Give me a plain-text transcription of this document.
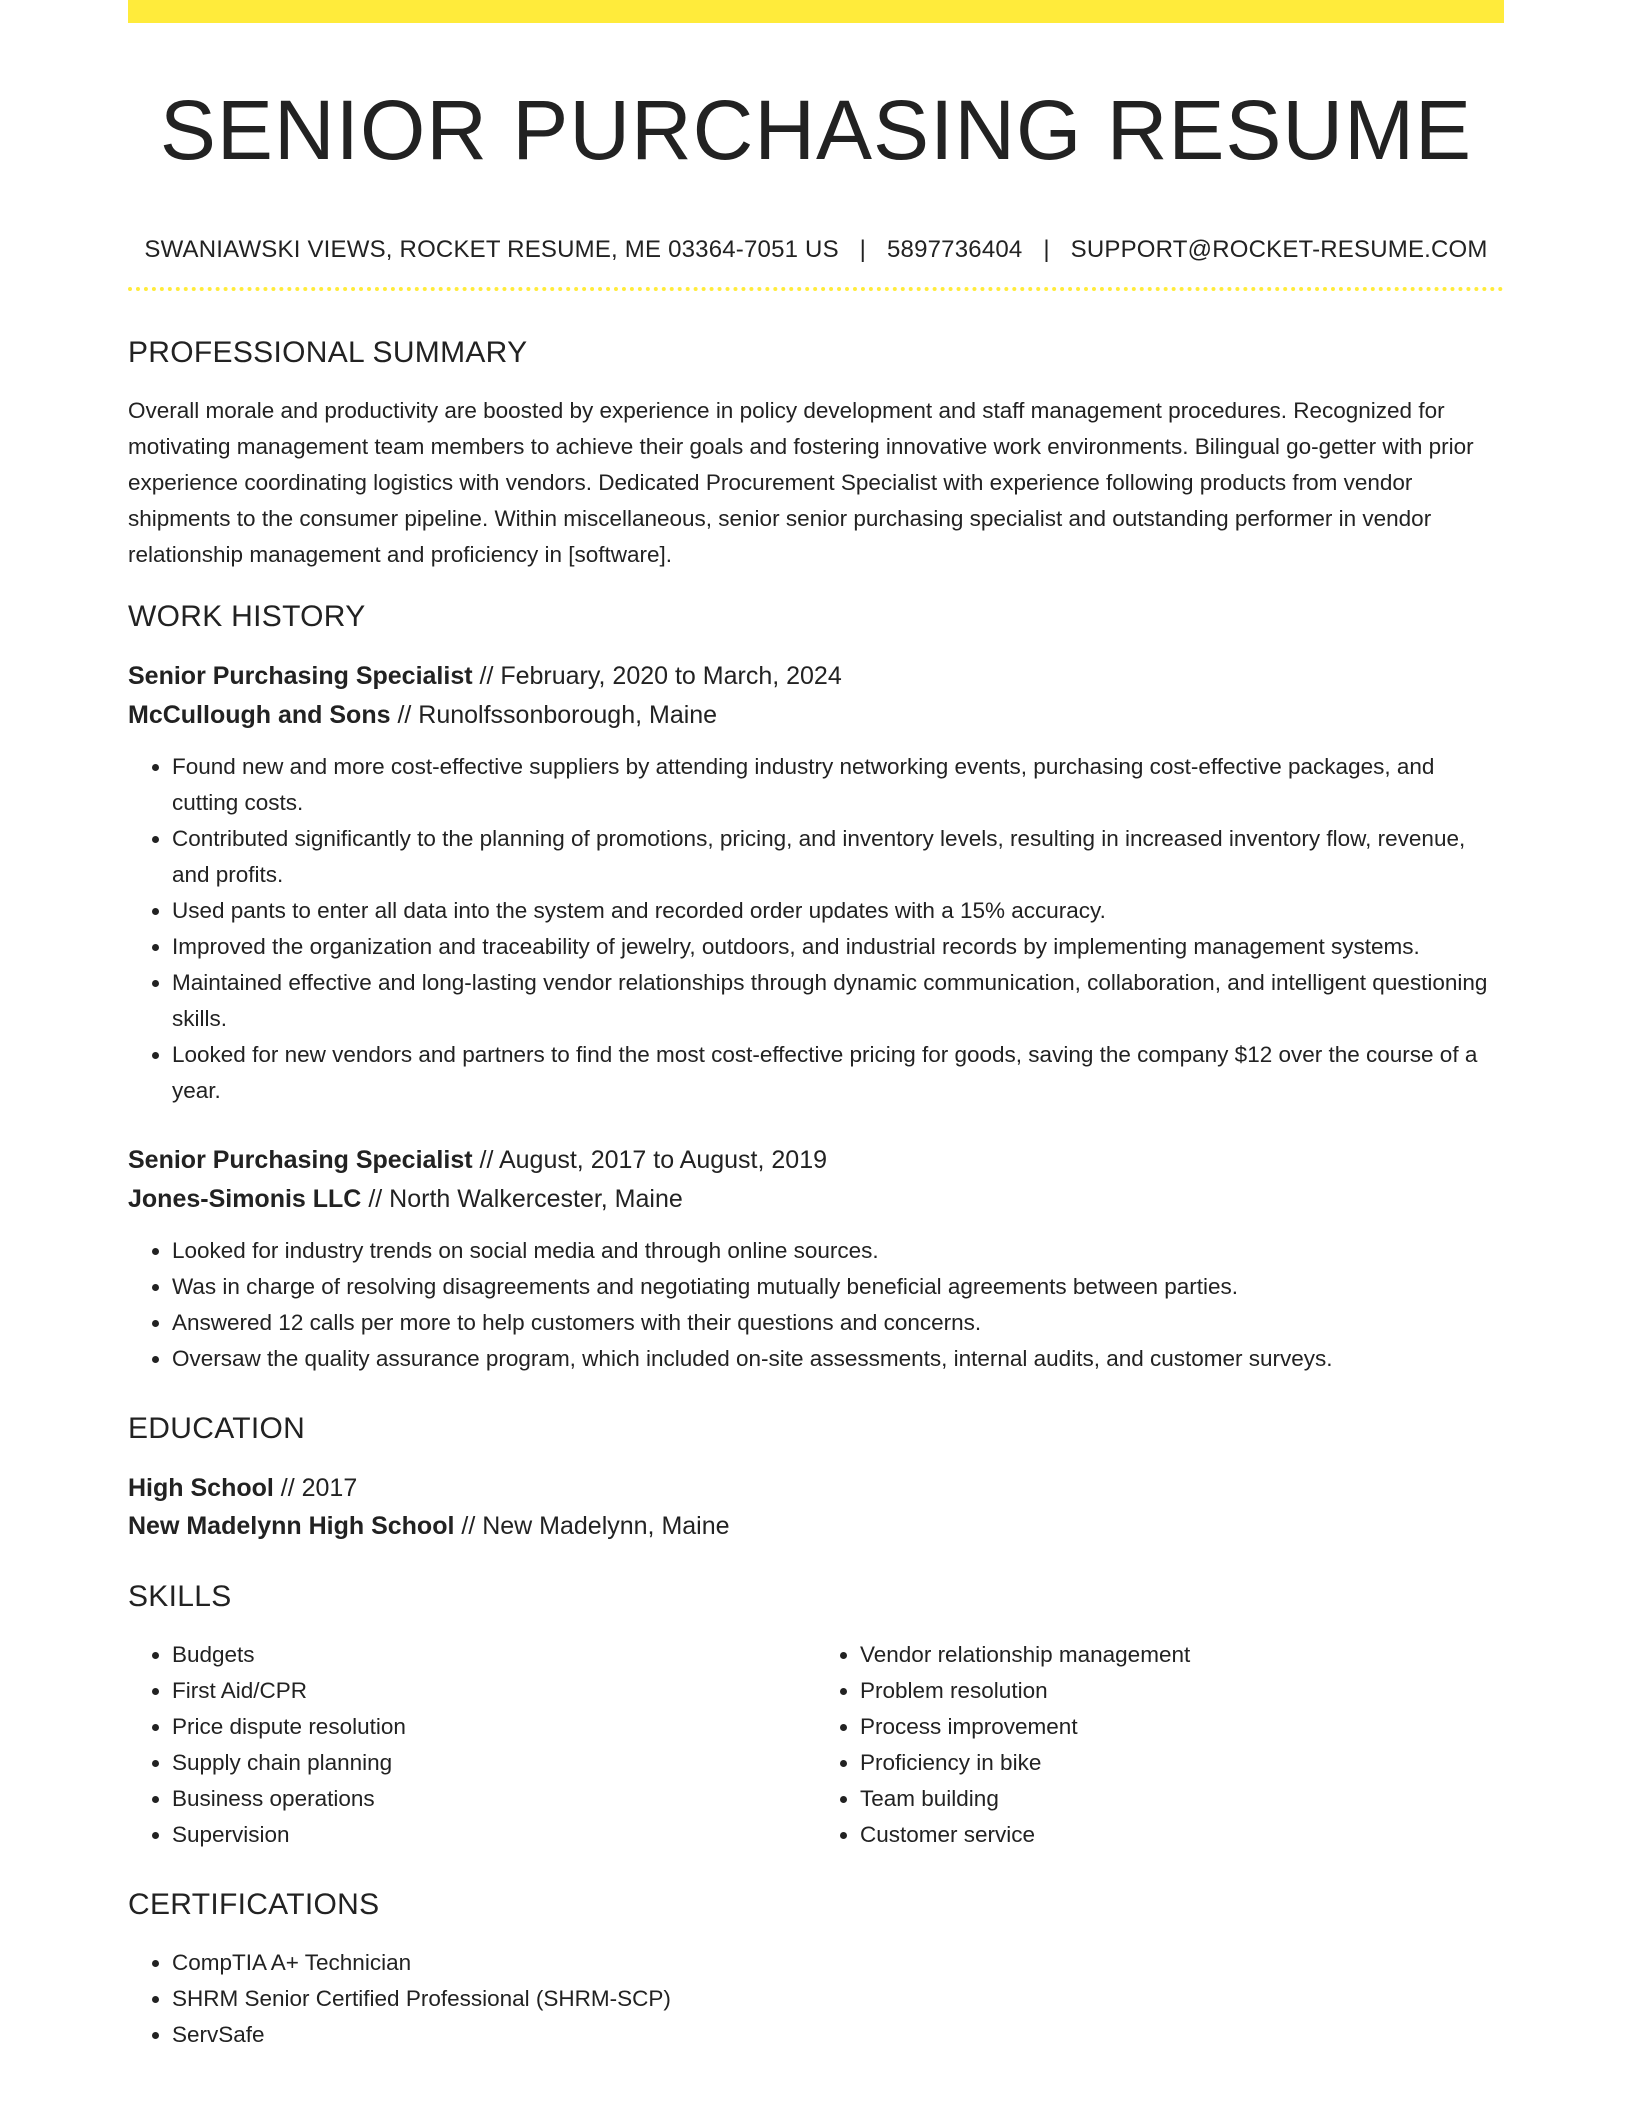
SENIOR PURCHASING RESUME
SWANIAWSKI VIEWS, ROCKET RESUME, ME 03364-7051 US | 5897736404 | SUPPORT@ROCKET-RESUME.COM
PROFESSIONAL SUMMARY

Overall morale and productivity are boosted by experience in policy development and staff management procedures. Recognized for motivating management team members to achieve their goals and fostering innovative work environments. Bilingual go-getter with prior experience coordinating logistics with vendors. Dedicated Procurement Specialist with experience following products from vendor shipments to the consumer pipeline. Within miscellaneous, senior senior purchasing specialist and outstanding performer in vendor relationship management and proficiency in [software].

WORK HISTORY
Senior Purchasing Specialist // February, 2020 to March, 2024
McCullough and Sons // Runolfssonborough, Maine
• Found new and more cost-effective suppliers by attending industry networking events, purchasing cost-effective packages, and cutting costs.
• Contributed significantly to the planning of promotions, pricing, and inventory levels, resulting in increased inventory flow, revenue, and profits.
• Used pants to enter all data into the system and recorded order updates with a 15% accuracy.
• Improved the organization and traceability of jewelry, outdoors, and industrial records by implementing management systems.
• Maintained effective and long-lasting vendor relationships through dynamic communication, collaboration, and intelligent questioning skills.
• Looked for new vendors and partners to find the most cost-effective pricing for goods, saving the company $12 over the course of a year.
Senior Purchasing Specialist // August, 2017 to August, 2019
Jones-Simonis LLC // North Walkercester, Maine
• Looked for industry trends on social media and through online sources.
• Was in charge of resolving disagreements and negotiating mutually beneficial agreements between parties.
• Answered 12 calls per more to help customers with their questions and concerns.
• Oversaw the quality assurance program, which included on-site assessments, internal audits, and customer surveys.
EDUCATION
High School // 2017
New Madelynn High School // New Madelynn, Maine
SKILLS
• Budgets
• First Aid/CPR
• Price dispute resolution
• Supply chain planning
• Business operations
• Supervision
• Vendor relationship management
• Problem resolution
• Process improvement
• Proficiency in bike
• Team building
• Customer service
CERTIFICATIONS
• CompTIA A+ Technician
• SHRM Senior Certified Professional (SHRM-SCP)
• ServSafe
